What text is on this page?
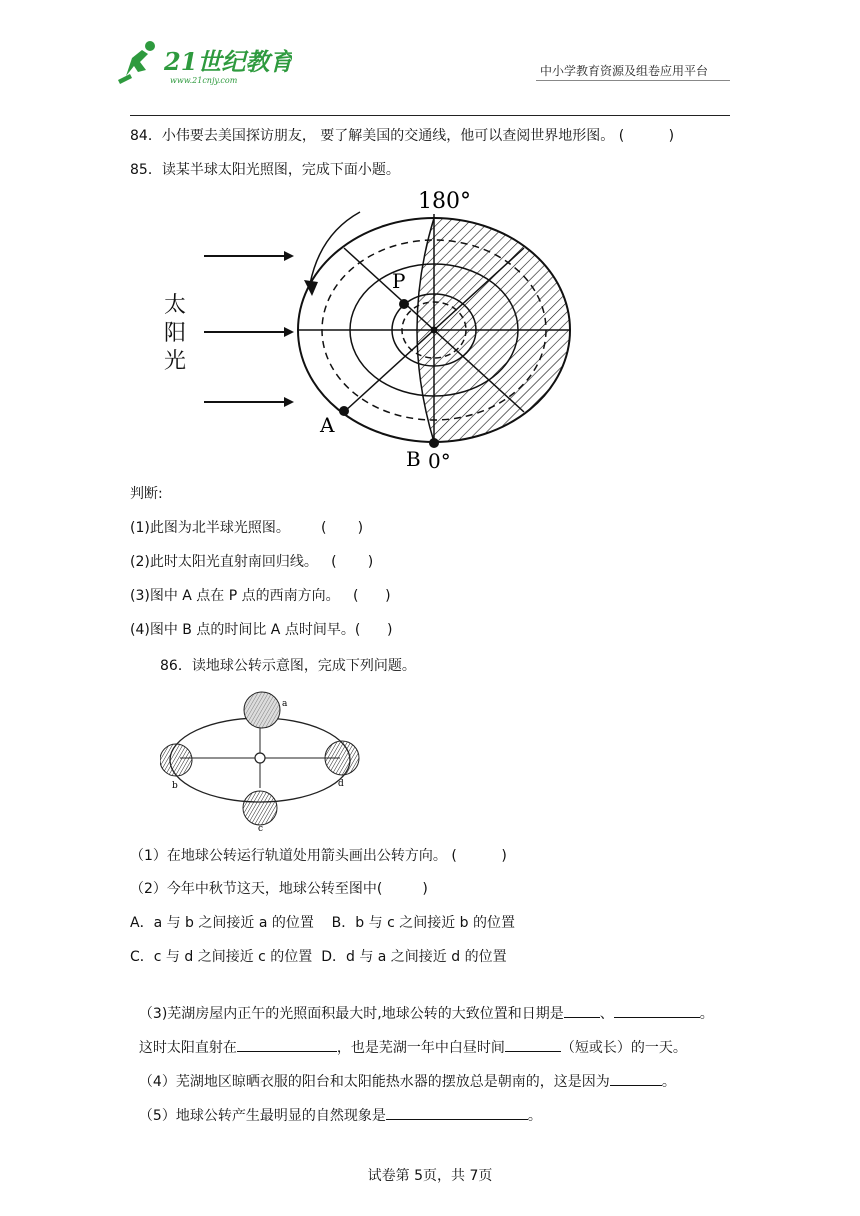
21世纪教育
www.21cnjy.com
中小学教育资源及组卷应用平台
84．小伟要去美国探访朋友， 要了解美国的交通线，他可以查阅世界地形图。 (          )
85．读某半球太阳光照图，完成下面小题。
180°
P
A
B 0°
太阳光
判断:
(1)此图为北半球光照图。       (       )
(2)此时太阳光直射南回归线。   (       )
(3)图中 A 点在 P 点的西南方向。   (      )
(4)图中 B 点的时间比 A 点时间早。(      )
86．读地球公转示意图，完成下列问题。
a
b
c
d
（1）在地球公转运行轨道处用箭头画出公转方向。 (          )
（2）今年中秋节这天，地球公转至图中(         )
A．a 与 b 之间接近 a 的位置    B．b 与 c 之间接近 b 的位置
C．c 与 d 之间接近 c 的位置  D．d 与 a 之间接近 d 的位置

（3)芜湖房屋内正午的光照面积最大时,地球公转的大致位置和日期是	、	。

这时太阳直射在	，也是芜湖一年中白昼时间	（短或长）的一天。

（4）芜湖地区晾晒衣服的阳台和太阳能热水器的摆放总是朝南的，这是因为	。

（5）地球公转产生最明显的自然现象是	。

试卷第 5页，共 7页
